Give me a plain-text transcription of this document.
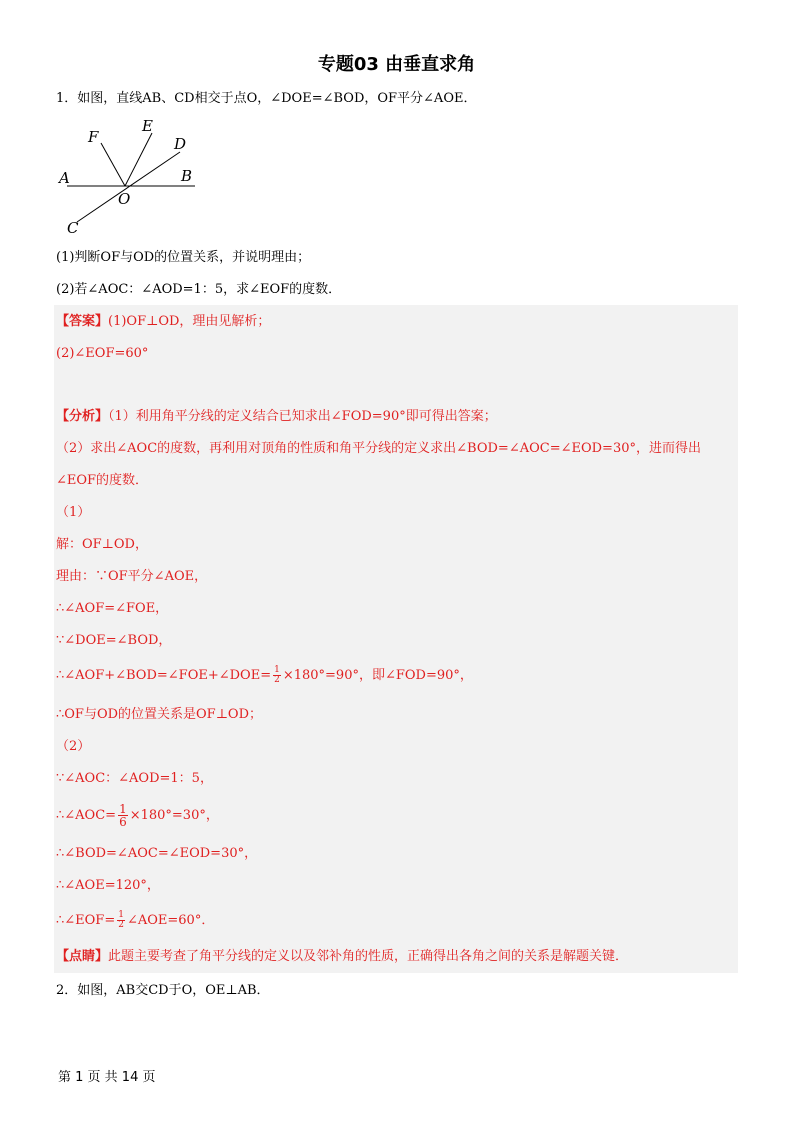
专题03 由垂直求角
1．如图，直线AB、CD相交于点O，∠DOE=∠BOD，OF平分∠AOE．
F
E
D
A	B
O
C
(1)判断OF与OD的位置关系，并说明理由；
(2)若∠AOC：∠AOD=1：5，求∠EOF的度数．
【答案】(1)OF⊥OD，理由见解析；
(2)∠EOF=60°
【分析】（1）利用角平分线的定义结合已知求出∠FOD=90°即可得出答案；
（2）求出∠AOC的度数，再利用对顶角的性质和角平分线的定义求出∠BOD=∠AOC=∠EOD=30°，进而得出
∠EOF的度数．
（1）
解：OF⊥OD，
理由：∵OF平分∠AOE，
∴∠AOF=∠FOE，
∵∠DOE=∠BOD，
∴∠AOF+∠BOD=∠FOE+∠DOE= $\frac{1}{2} \times 180^\circ=90^\circ$，即∠FOD=90°，
∴OF与OD的位置关系是OF⊥OD；
（2）
∵∠AOC：∠AOD=1：5，
∴∠AOC= $\frac{1}{6} \times 180^\circ=30^\circ$，
∴∠BOD=∠AOC=∠EOD=30°，
∴∠AOE=120°，
∴∠EOF= $\frac{1}{2}$ ∠AOE=60°．
【点睛】此题主要考查了角平分线的定义以及邻补角的性质，正确得出各角之间的关系是解题关键．
2．如图，AB交CD于O，OE⊥AB．
第 1 页 共 14 页
